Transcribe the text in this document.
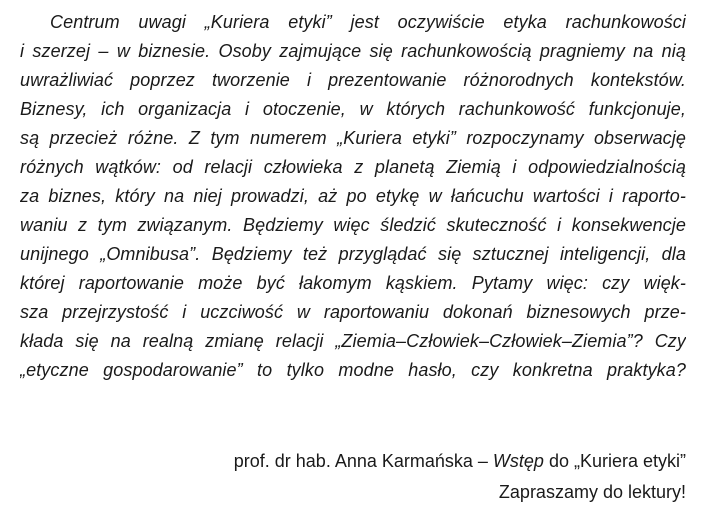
Centrum uwagi „Kuriera etyki” jest oczywiście etyka rachunkowości
i szerzej – w biznesie. Osoby zajmujące się rachunkowością pragniemy na nią
uwrażliwiać poprzez tworzenie i prezentowanie różnorodnych kontekstów.
Biznesy, ich organizacja i otoczenie, w których rachunkowość funkcjonuje,
są przecież różne. Z tym numerem „Kuriera etyki” rozpoczynamy obserwację
różnych wątków: od relacji człowieka z planetą Ziemią i odpowiedzialnością
za biznes, który na niej prowadzi, aż po etykę w łańcuchu wartości i raporto-
waniu z tym związanym. Będziemy więc śledzić skuteczność i konsekwencje
unijnego „Omnibusa”. Będziemy też przyglądać się sztucznej inteligencji, dla
której raportowanie może być łakomym kąskiem. Pytamy więc: czy więk-
sza przejrzystość i uczciwość w raportowaniu dokonań biznesowych prze-
kłada się na realną zmianę relacji „Ziemia–Człowiek–Człowiek–Ziemia”? Czy
„etyczne gospodarowanie” to tylko modne hasło, czy konkretna praktyka?
prof. dr hab. Anna Karmańska – Wstęp do „Kuriera etyki”
Zapraszamy do lektury!
